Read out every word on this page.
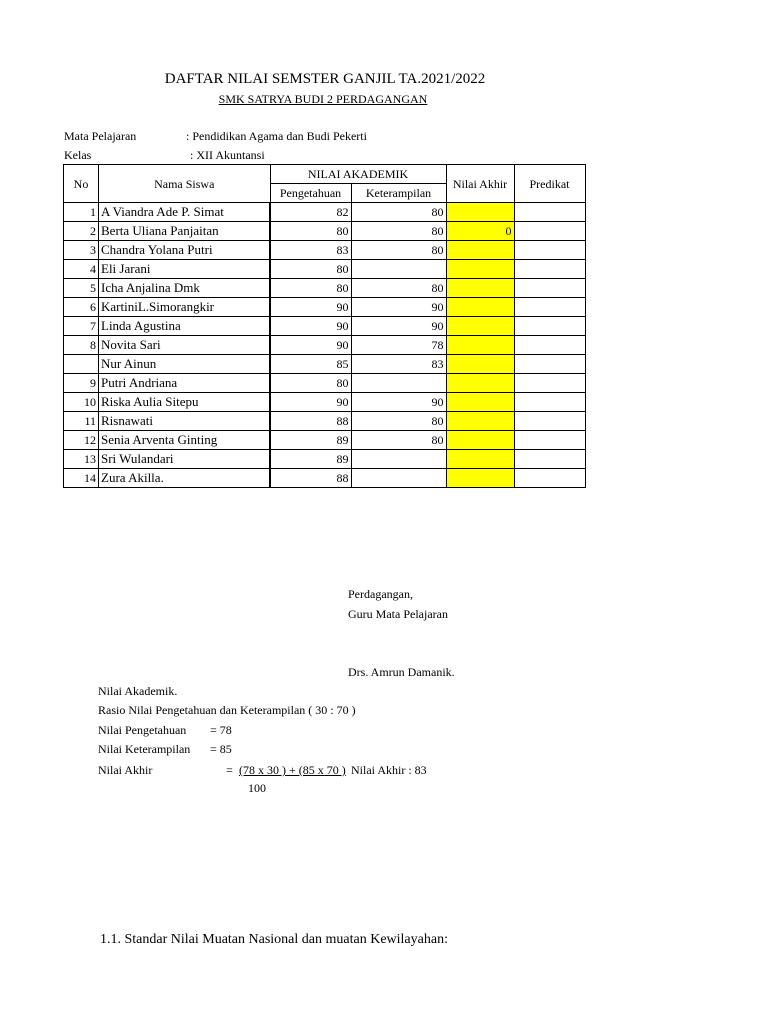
DAFTAR NILAI SEMSTER GANJIL TA.2021/2022
SMK SATRYA BUDI 2 PERDAGANGAN
Mata Pelajaran	: Pendidikan Agama dan Budi Pekerti
Kelas	: XII Akuntansi
No	Nama Siswa	NILAI AKADEMIK		Nilai Akhir	Predikat
		Pengetahuan	Keterampilan		
1	A Viandra Ade P. Simat	82	80		
2	Berta Uliana Panjaitan	80	80	0	
3	Chandra Yolana Putri	83	80		
4	Eli Jarani	80			
5	Icha Anjalina Dmk	80	80		
6	KartiniL.Simorangkir	90	90		
7	Linda Agustina	90	90		
8	Novita Sari	90	78		
	Nur Ainun	85	83		
9	Putri Andriana	80			
10	Riska Aulia Sitepu	90	90		
11	Risnawati	88	80		
12	Senia Arventa Ginting	89	80		
13	Sri Wulandari	89			
14	Zura Akilla.	88			
Perdagangan,
Guru Mata Pelajaran
Drs. Amrun Damanik.
Nilai Akademik.
Rasio Nilai Pengetahuan dan Keterampilan ( 30 : 70 )
Nilai Pengetahuan = 78
Nilai Keterampilan = 85
Nilai Akhir	= (78 x 30 ) + (85 x 70 ) Nilai Akhir : 83
100
1.1. Standar Nilai Muatan Nasional dan muatan Kewilayahan:
